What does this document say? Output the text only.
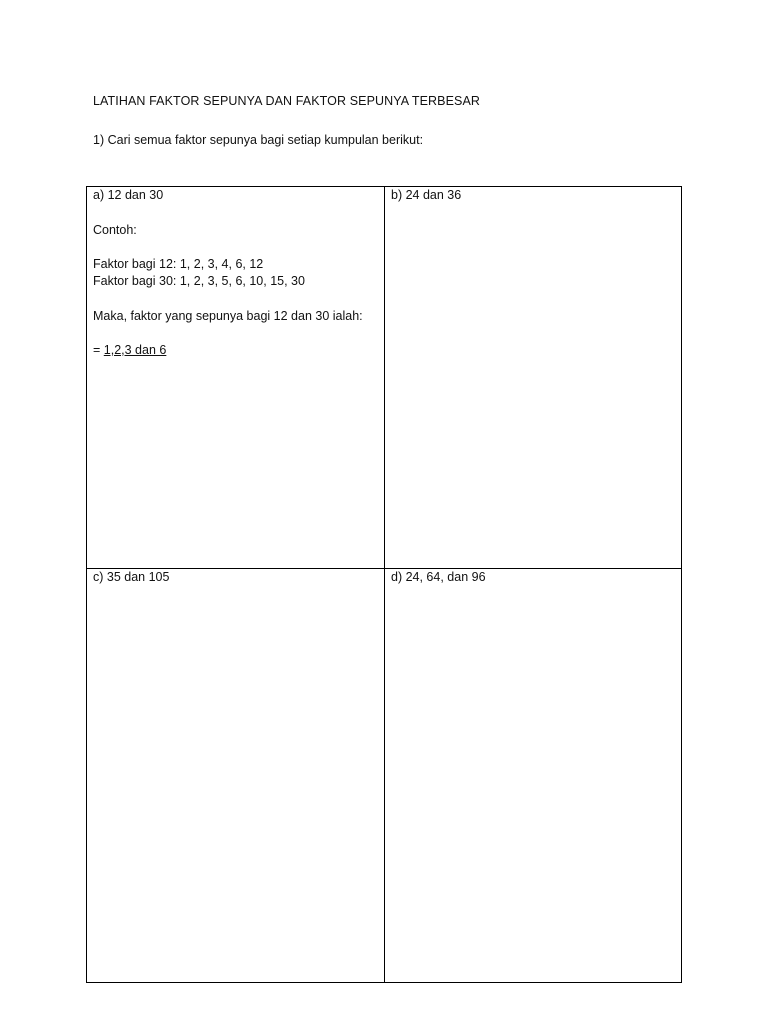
LATIHAN FAKTOR SEPUNYA DAN FAKTOR SEPUNYA TERBESAR
1) Cari semua faktor sepunya bagi setiap kumpulan berikut:
a) 12 dan 30
Contoh:
Faktor bagi 12: 1, 2, 3, 4, 6, 12
Faktor bagi 30: 1, 2, 3, 5, 6, 10, 15, 30
Maka, faktor yang sepunya bagi 12 dan 30 ialah:
= 1,2,3 dan 6
b) 24 dan 36
c) 35 dan 105	d) 24, 64, dan 96
